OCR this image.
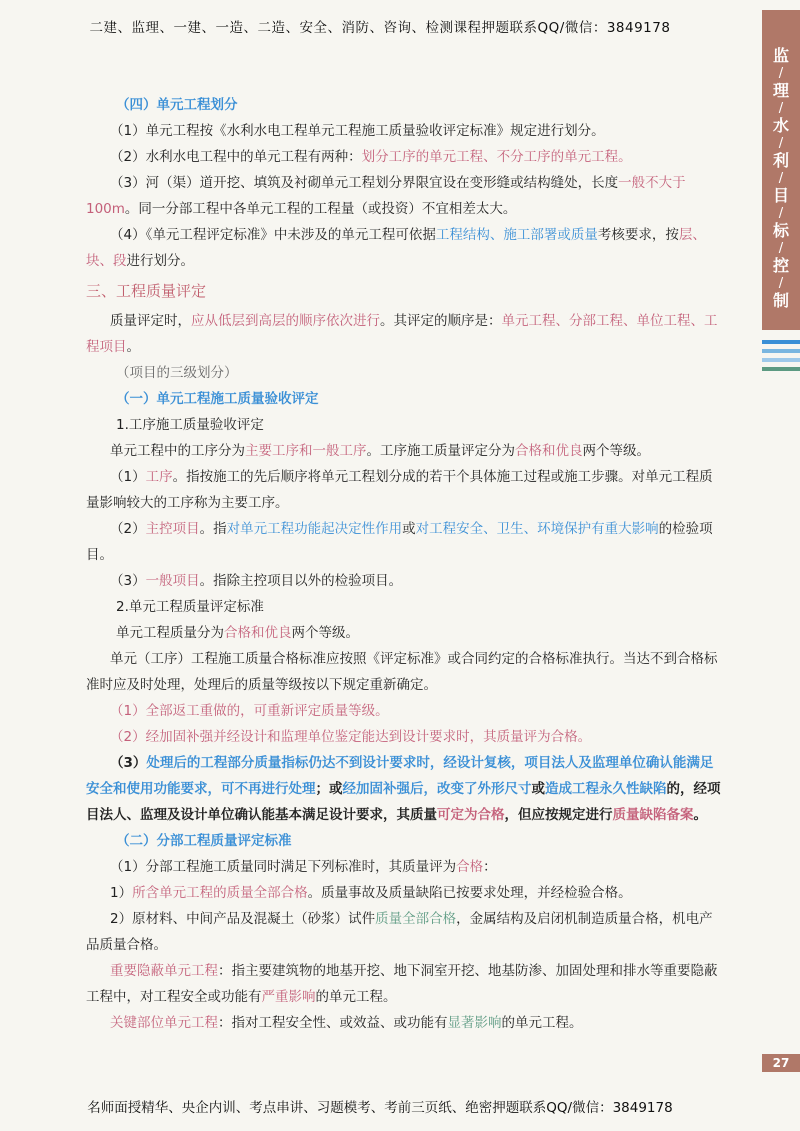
二建、监理、一建、一造、二造、安全、消防、咨询、检测课程押题联系QQ/微信：3849178
监
/
理
/
水
/
利
/
目
/
标
/
控
/
制
（四）单元工程划分

（1）单元工程按《水利水电工程单元工程施工质量验收评定标准》规定进行划分。

（2）水利水电工程中的单元工程有两种：划分工序的单元工程、不分工序的单元工程。

（3）河（渠）道开挖、填筑及衬砌单元工程划分界限宜设在变形缝或结构缝处，长度一般不大于100m。同一分部工程中各单元工程的工程量（或投资）不宜相差太大。

（4）《单元工程评定标准》中未涉及的单元工程可依据工程结构、施工部署或质量考核要求，按层、块、段进行划分。

三、工程质量评定

质量评定时，应从低层到高层的顺序依次进行。其评定的顺序是：单元工程、分部工程、单位工程、工程项目。

（项目的三级划分）

（一）单元工程施工质量验收评定
1.工序施工质量验收评定

单元工程中的工序分为主要工序和一般工序。工序施工质量评定分为合格和优良两个等级。

（1）工序。指按施工的先后顺序将单元工程划分成的若干个具体施工过程或施工步骤。对单元工程质量影响较大的工序称为主要工序。

（2）主控项目。指对单元工程功能起决定性作用或对工程安全、卫生、环境保护有重大影响的检验项目。

（3）一般项目。指除主控项目以外的检验项目。

2.单元工程质量评定标准

单元工程质量分为合格和优良两个等级。

单元（工序）工程施工质量合格标准应按照《评定标准》或合同约定的合格标准执行。当达不到合格标准时应及时处理，处理后的质量等级按以下规定重新确定。

（1）全部返工重做的，可重新评定质量等级。

（2）经加固补强并经设计和监理单位鉴定能达到设计要求时，其质量评为合格。

（3）处理后的工程部分质量指标仍达不到设计要求时，经设计复核，项目法人及监理单位确认能满足安全和使用功能要求，可不再进行处理；或经加固补强后，改变了外形尺寸或造成工程永久性缺陷的，经项目法人、监理及设计单位确认能基本满足设计要求，其质量可定为合格，但应按规定进行质量缺陷备案。

（二）分部工程质量评定标准

（1）分部工程施工质量同时满足下列标准时，其质量评为合格：

1）所含单元工程的质量全部合格。质量事故及质量缺陷已按要求处理，并经检验合格。

2）原材料、中间产品及混凝土（砂浆）试件质量全部合格，金属结构及启闭机制造质量合格，机电产品质量合格。

重要隐蔽单元工程：指主要建筑物的地基开挖、地下洞室开挖、地基防渗、加固处理和排水等重要隐蔽工程中，对工程安全或功能有严重影响的单元工程。

关键部位单元工程：指对工程安全性、或效益、或功能有显著影响的单元工程。

27
名师面授精华、央企内训、考点串讲、习题模考、考前三页纸、绝密押题联系QQ/微信：3849178
